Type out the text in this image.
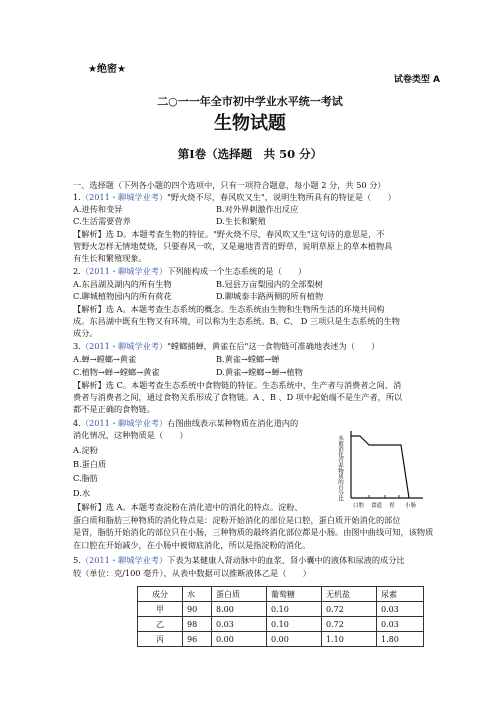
★绝密★
试卷类型 A
二○一一年全市初中学业水平统一考试
生物试题
第Ⅰ卷（选择题　共 50 分）
一、选择题（下列各小题的四个选项中，只有一项符合题意，每小题 2 分，共 50 分）
1.（2011・聊城学业考）"野火烧不尽，春风吹又生"，说明生物所具有的特征是（　　）
A.进传和变异	B.对外界刺激作出反应
C.生活需要营养	D.生长和繁殖
【解析】选 D。本题考查生物的特征。"野火烧不尽，春风吹又生"这句诗的意思是，不
管野火怎样无情地焚烧，只要春风一吹，又是遍地青青的野草，说明草原上的草本植物具
有生长和繁殖现象。
2.（2011・聊城学业考）下列能构成一个生态系统的是（　　）
A.东昌湖及湖内的所有生物	B.冠县万亩梨园内的全部梨树
C.聊城植物园内的所有荷花	D.聊城泰丰路两侧的所有植物
【解析】选 A。本题考查生态系统的概念。生态系统由生物和生物所生活的环境共同构
成。东昌湖中既有生物又有环境，可以称为生态系统。B、C、 D 三项只是生态系统的生物
成分。
3.（2011・聊城学业考）"螳螂捕蝉，黄雀在后"这一食物链可准确地表述为（　　）
A.蝉→螳螂→黄雀	B.黄雀→螳螂→蝉
C.植物→蝉→螳螂→黄雀	D.黄雀→螳螂→蝉→植物
【解析】选 C。本题考查生态系统中食物链的特征。生态系统中，生产者与消费者之间、消
费者与消费者之间，通过食物关系形成了食物链。A 、B 、D 项中起始端不是生产者，所以
都不是正确的食物链。
4.（2011・聊城学业考）右图曲线表示某种物质在消化道内的
消化情况，这种物质是（　　）
A.淀粉
B.蛋白质
C.脂肪
D.水	未被消化营养物质的百分比
口腔 食道 胃 小肠
【解析】选 A。本题考查淀粉在消化道中的消化的特点。淀粉、
蛋白质和脂肪三种物质的消化特点是：淀粉开始消化的部位是口腔，蛋白质开始消化的部位
是胃，脂肪开始消化的部位只在小肠，三种物质的最终消化部位都是小肠。由图中曲线可知，该物质
在口腔在开始减少，在小肠中被彻底消化，所以是指淀粉的消化。
5.（2011・聊城学业考）下表为某健康人肾动脉中的血浆、肾小囊中的液体和尿液的成分比
较（单位：克/100 毫升），从表中数据可以推断液体乙是（　　）
成分	水	蛋白质	葡萄糖	无机盐	尿素
甲	90	8.00	0.10	0.72	0.03
乙	98	0.03	0.10	0.72	0.03
丙	96	0.00	0.00	1.10	1.80
